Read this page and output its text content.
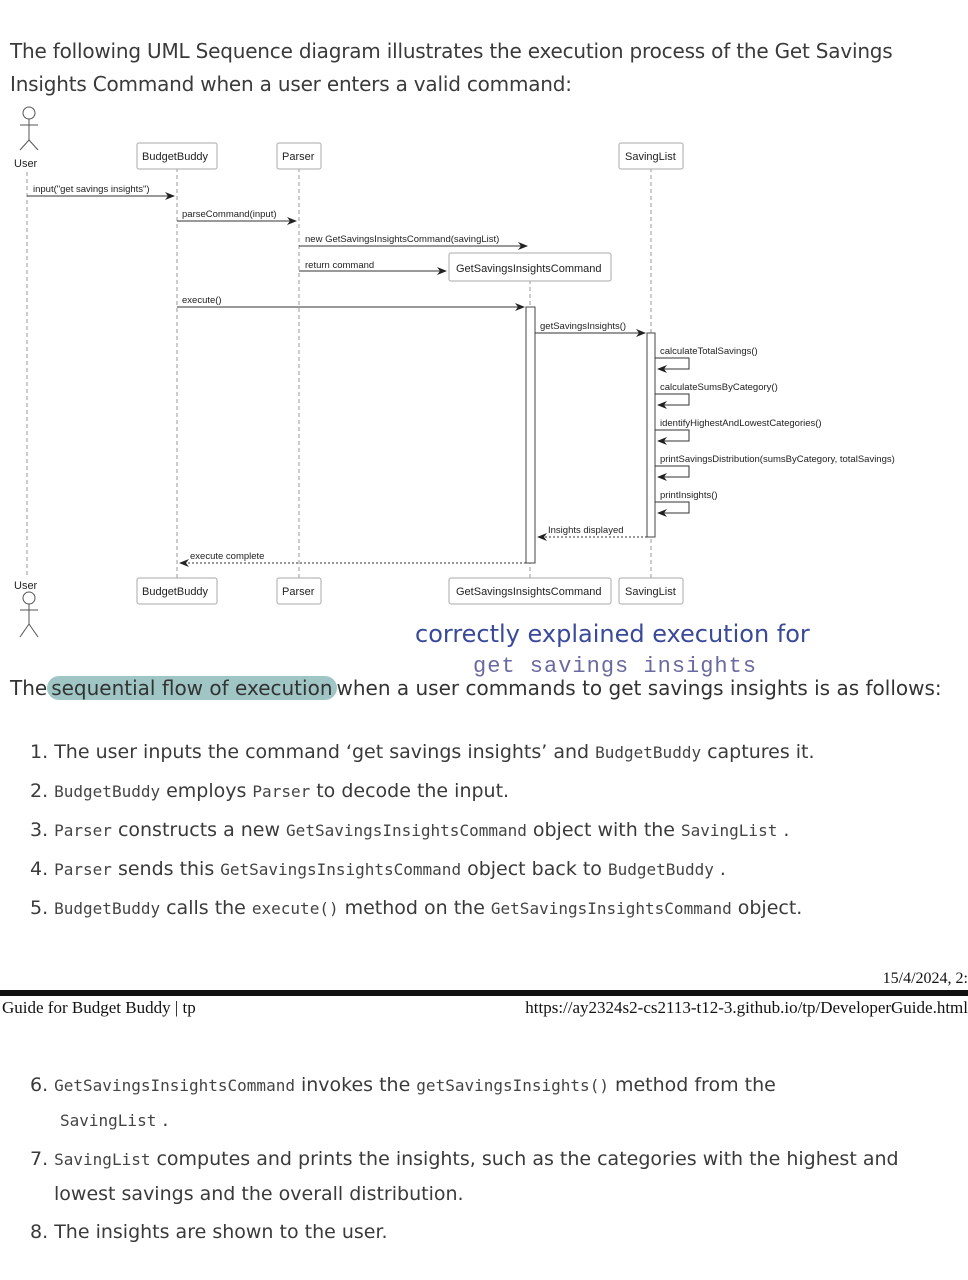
The following UML Sequence diagram illustrates the execution process of the Get Savings Insights Command when a user enters a valid command:

User
BudgetBuddy	Parser	SavingList
GetSavingsInsightsCommand
input("get savings insights")
parseCommand(input)
new GetSavingsInsightsCommand(savingList)
return command
execute()
getSavingsInsights()
calculateTotalSavings()
calculateSumsByCategory()
identifyHighestAndLowestCategories()
printSavingsDistribution(sumsByCategory, totalSavings)
printInsights()
Insights displayed
execute complete
BudgetBuddy	Parser	GetSavingsInsightsCommand SavingList
User
correctly explained execution for
get savings insights
The sequential flow of execution when a user commands to get savings insights is as follows:
1. The user inputs the command ‘get savings insights’ and BudgetBuddy captures it.
2. BudgetBuddy employs Parser to decode the input.
3. Parser constructs a new GetSavingsInsightsCommand object with the SavingList .
4. Parser sends this GetSavingsInsightsCommand object back to BudgetBuddy .
5. BudgetBuddy calls the execute() method on the GetSavingsInsightsCommand object.
15/4/2024, 2:
Guide for Budget Buddy | tp	https://ay2324s2-cs2113-t12-3.github.io/tp/DeveloperGuide.html
6. GetSavingsInsightsCommand invokes the getSavingsInsights() method from the
SavingList .
7. SavingList computes and prints the insights, such as the categories with the highest and lowest savings and the overall distribution.
8. The insights are shown to the user.
